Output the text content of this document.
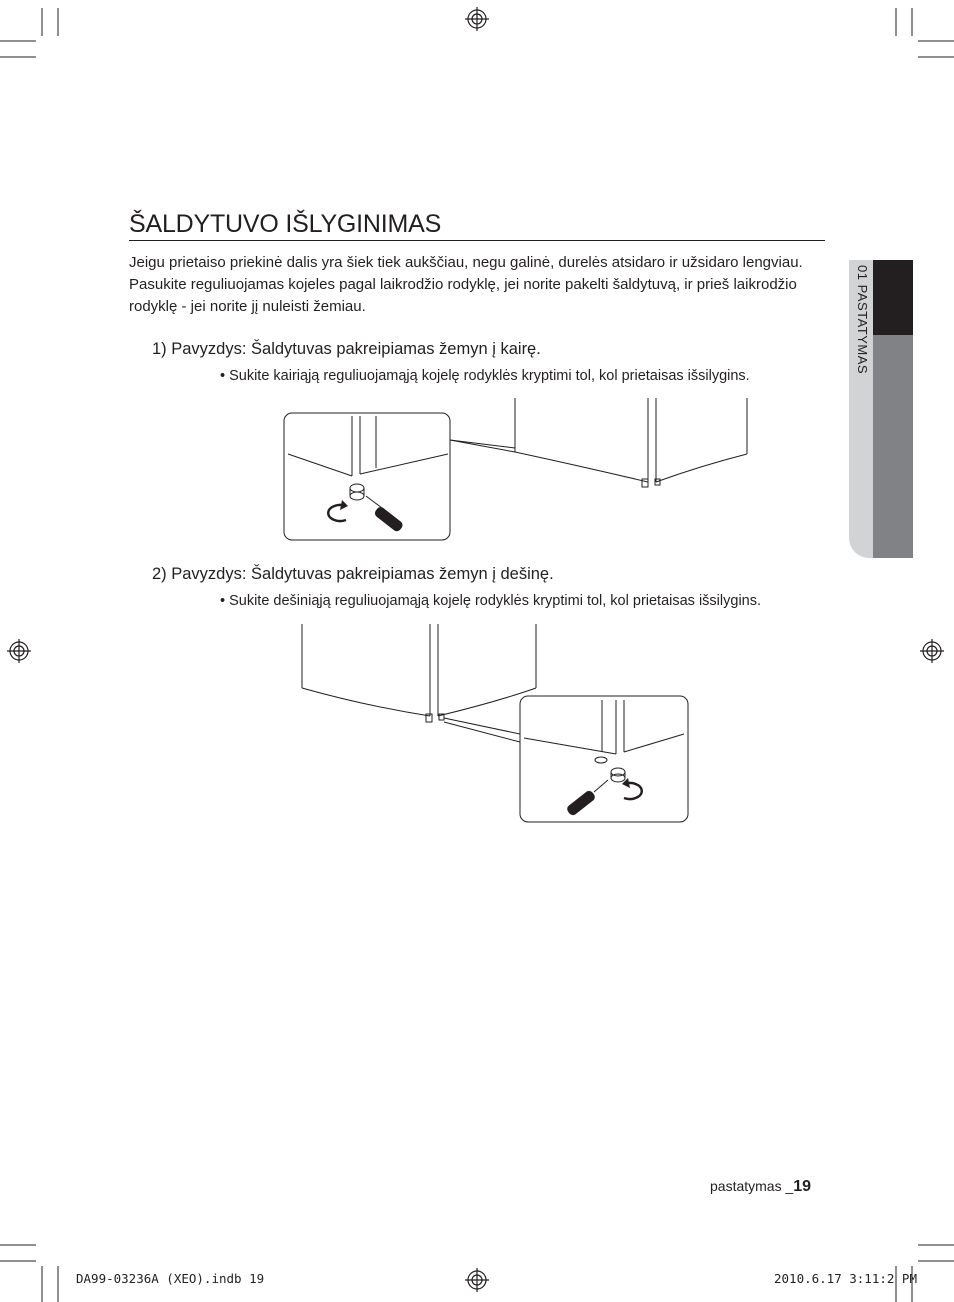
01 PASTATYMAS
ŠALDYTUVO IŠLYGINIMAS
Jeigu prietaiso priekinė dalis yra šiek tiek aukščiau, negu galinė, durelės atsidaro ir užsidaro lengviau. Pasukite reguliuojamas kojeles pagal laikrodžio rodyklę, jei norite pakelti šaldytuvą, ir prieš laikrodžio rodyklę - jei norite jį nuleisti žemiau.
1) Pavyzdys: Šaldytuvas pakreipiamas žemyn į kairę.
• Sukite kairiąją reguliuojamąją kojelę rodyklės kryptimi tol, kol prietaisas išsilygins.
2) Pavyzdys: Šaldytuvas pakreipiamas žemyn į dešinę.
• Sukite dešiniąją reguliuojamąją kojelę rodyklės kryptimi tol, kol prietaisas išsilygins.
pastatymas _19
DA99-03236A (XEO).indb 19	2010.6.17 3:11:2 PM
